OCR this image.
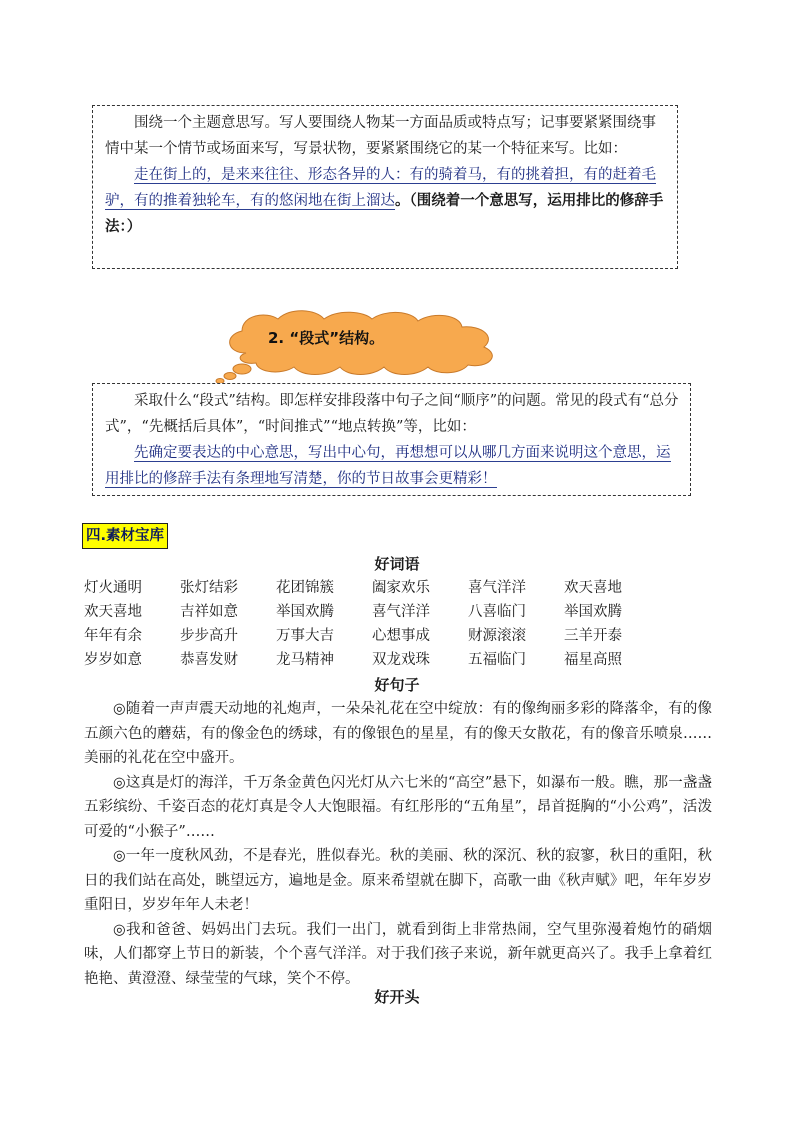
围绕一个主题意思写。写人要围绕人物某一方面品质或特点写；记事要紧紧围绕事情中某一个情节或场面来写，写景状物，要紧紧围绕它的某一个特征来写。比如：

走在街上的，是来来往往、形态各异的人：有的骑着马，有的挑着担，有的赶着毛驴，有的推着独轮车，有的悠闲地在街上溜达。（围绕着一个意思写，运用排比的修辞手法：）

2. “段式”结构。

采取什么“段式”结构。即怎样安排段落中句子之间“顺序”的问题。常见的段式有“总分式”，“先概括后具体”，“时间推式”“地点转换”等，比如：

先确定要表达的中心意思，写出中心句，再想想可以从哪几方面来说明这个意思，运用排比的修辞手法有条理地写清楚，你的节日故事会更精彩！

四.素材宝库
好词语
灯火通明	张灯结彩	花团锦簇	阖家欢乐	喜气洋洋	欢天喜地
欢天喜地	吉祥如意	举国欢腾	喜气洋洋	八喜临门	举国欢腾
年年有余	步步高升	万事大吉	心想事成	财源滚滚	三羊开泰
岁岁如意	恭喜发财	龙马精神	双龙戏珠	五福临门	福星高照
好句子

◎随着一声声震天动地的礼炮声，一朵朵礼花在空中绽放：有的像绚丽多彩的降落伞，有的像五颜六色的蘑菇，有的像金色的绣球，有的像银色的星星，有的像天女散花，有的像音乐喷泉……美丽的礼花在空中盛开。

◎这真是灯的海洋，千万条金黄色闪光灯从六七米的“高空”悬下，如瀑布一般。瞧，那一盏盏五彩缤纷、千姿百态的花灯真是令人大饱眼福。有红彤彤的“五角星”，昂首挺胸的“小公鸡”，活泼可爱的“小猴子”……

◎一年一度秋风劲，不是春光，胜似春光。秋的美丽、秋的深沉、秋的寂寥，秋日的重阳，秋日的我们站在高处，眺望远方，遍地是金。原来希望就在脚下，高歌一曲《秋声赋》吧，年年岁岁重阳日，岁岁年年人未老！

◎我和爸爸、妈妈出门去玩。我们一出门，就看到街上非常热闹，空气里弥漫着炮竹的硝烟味，人们都穿上节日的新装，个个喜气洋洋。对于我们孩子来说，新年就更高兴了。我手上拿着红艳艳、黄澄澄、绿莹莹的气球，笑个不停。

好开头
